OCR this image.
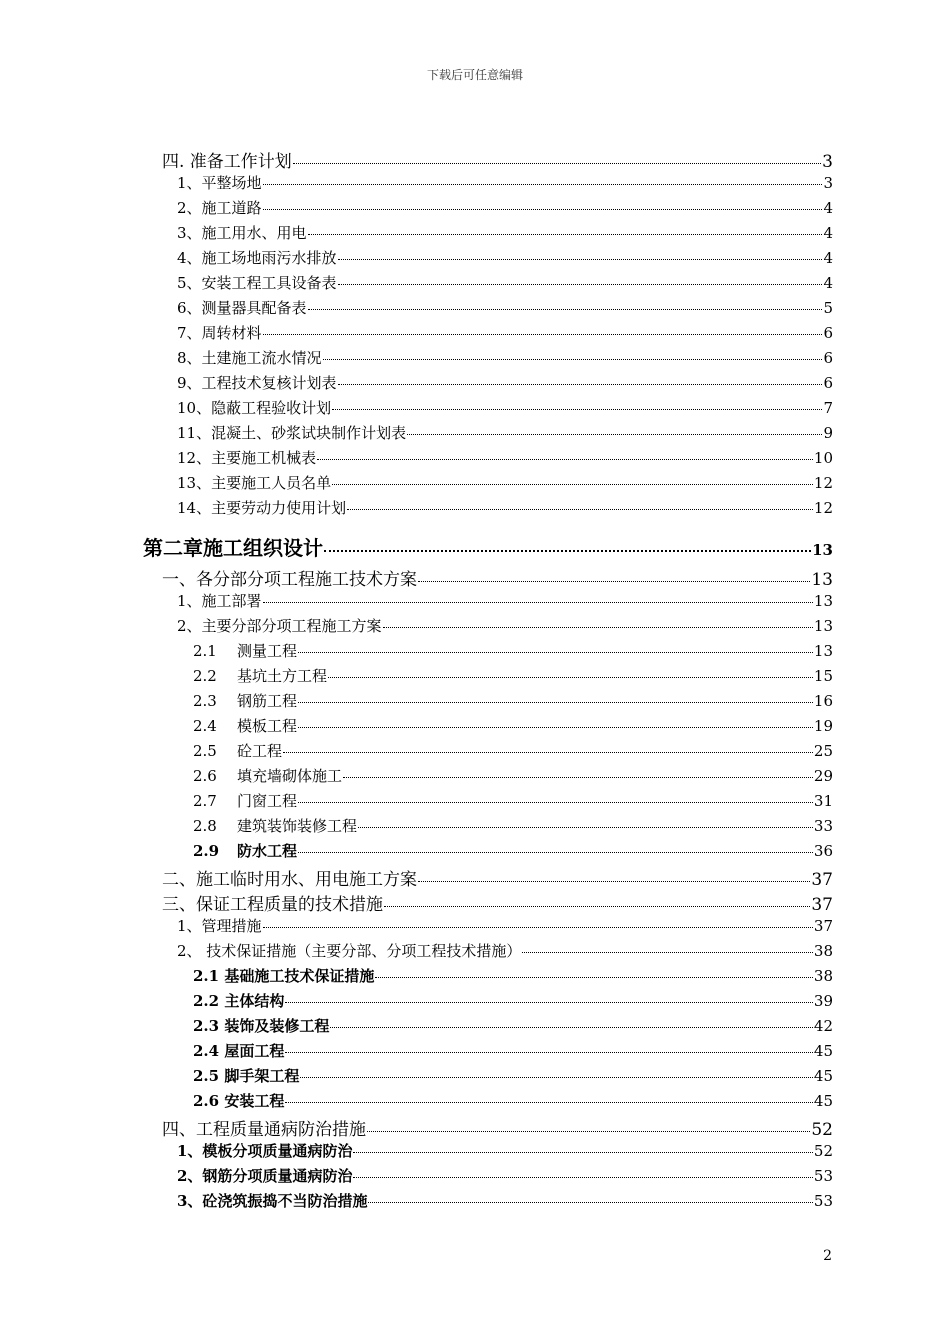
下载后可任意编辑
四. 准备工作计划	3
1、平整场地	3
2、施工道路	4
3、施工用水、用电	4
4、施工场地雨污水排放	4
5、安装工程工具设备表	4
6、测量器具配备表	5
7、周转材料	6
8、土建施工流水情况	6
9、工程技术复核计划表	6
10、隐蔽工程验收计划	7
11、混凝土、砂浆试块制作计划表	9
12、主要施工机械表	10
13、主要施工人员名单	12
14、主要劳动力使用计划	12
第二章施工组织设计	13
一、各分部分项工程施工技术方案	13
1、施工部署	13
2、主要分部分项工程施工方案	13
2.1 测量工程	13
2.2 基坑土方工程	15
2.3 钢筋工程	16
2.4 模板工程	19
2.5 砼工程	25
2.6 填充墙砌体施工	29
2.7 门窗工程	31
2.8 建筑装饰装修工程	33
2.9 防水工程	36
二、施工临时用水、用电施工方案	37
三、保证工程质量的技术措施	37
1、管理措施	37
2、 技术保证措施（主要分部、分项工程技术措施）	38
2.1 基础施工技术保证措施	38
2.2 主体结构	39
2.3 装饰及装修工程	42
2.4 屋面工程	45
2.5 脚手架工程	45
2.6 安装工程	45
四、工程质量通病防治措施	52
1、模板分项质量通病防治	52
2、钢筋分项质量通病防治	53
3、砼浇筑振捣不当防治措施	53
2
